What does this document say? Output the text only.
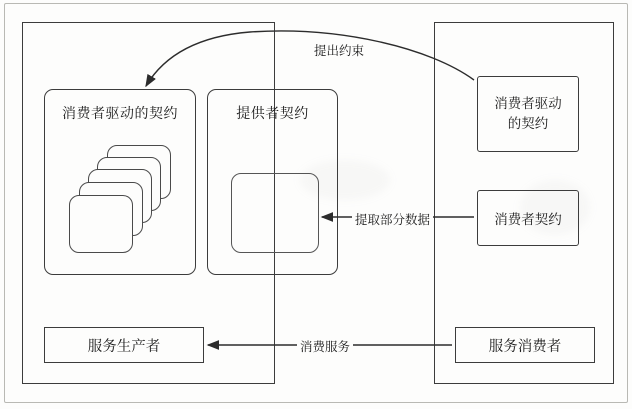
消费者驱动的契约	提供者契约
消费者驱动
的契约
消费者契约
服务生产者	服务消费者
提出约束
提取部分数据
消费服务
